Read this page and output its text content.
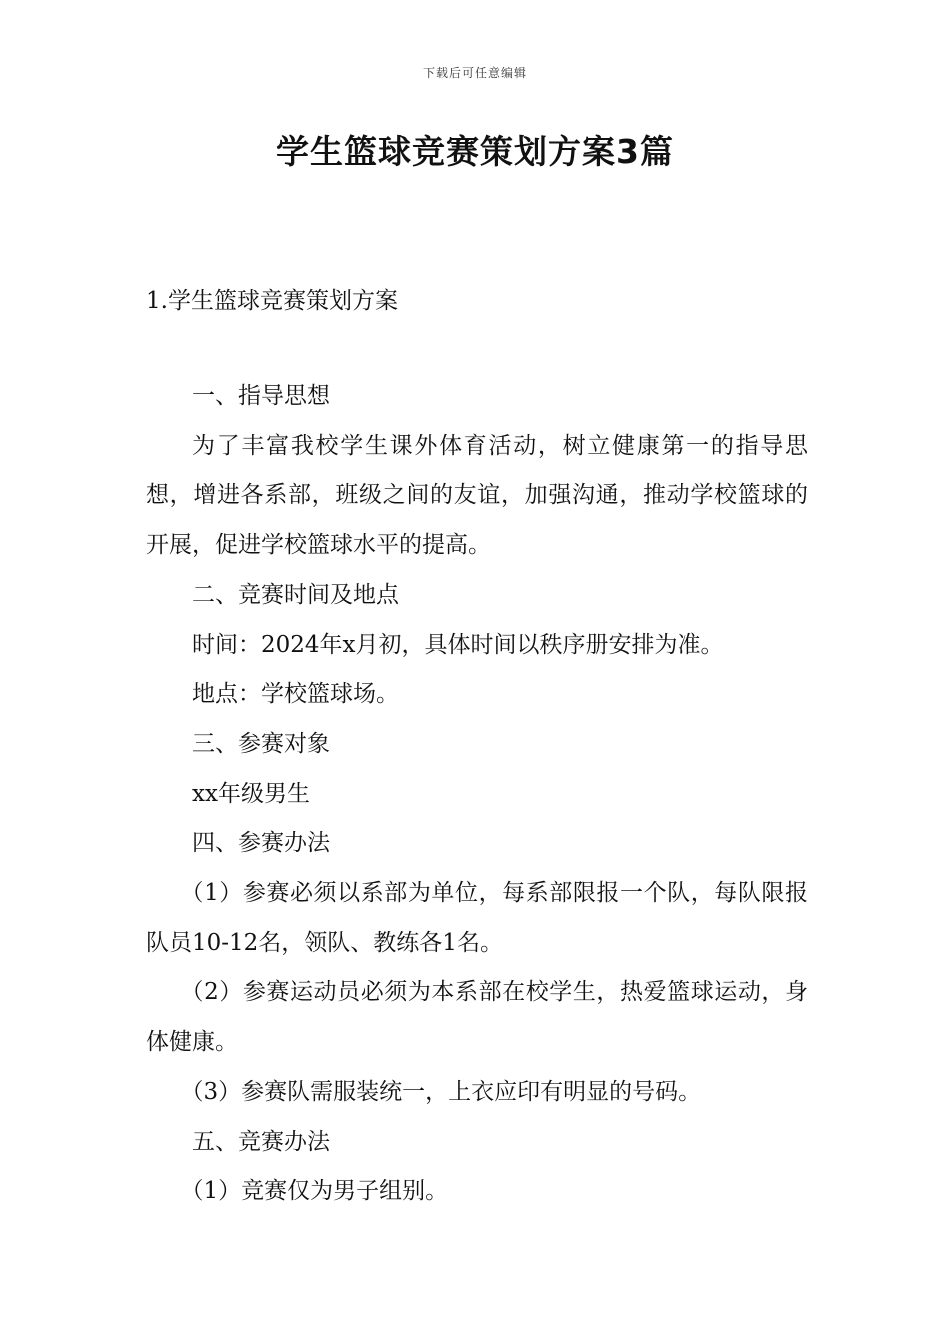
下载后可任意编辑
学生篮球竞赛策划方案3篇
1.学生篮球竞赛策划方案

一、指导思想

为了丰富我校学生课外体育活动，树立健康第一的指导思想，增进各系部，班级之间的友谊，加强沟通，推动学校篮球的开展，促进学校篮球水平的提高。

二、竞赛时间及地点

时间：2024年x月初，具体时间以秩序册安排为准。

地点：学校篮球场。

三、参赛对象

xx年级男生

四、参赛办法

（1）参赛必须以系部为单位，每系部限报一个队，每队限报队员10-12名，领队、教练各1名。

（2）参赛运动员必须为本系部在校学生，热爱篮球运动，身体健康。

（3）参赛队需服装统一，上衣应印有明显的号码。

五、竞赛办法

（1）竞赛仅为男子组别。
